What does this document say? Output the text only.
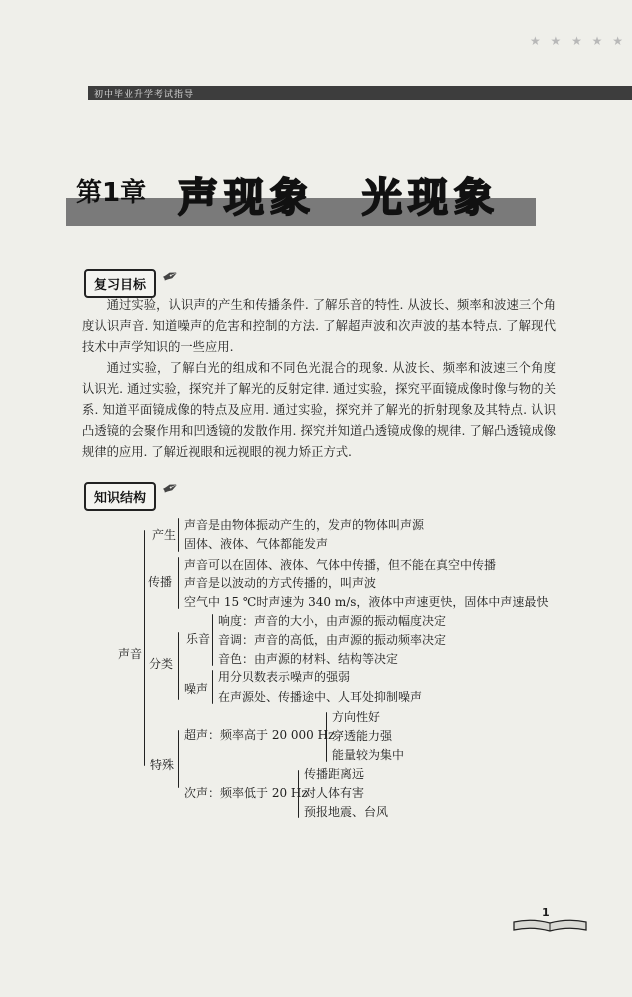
★ ★ ★ ★ ★
初中毕业升学考试指导
第1章 声现象　光现象
复习目标 ✒
通过实验，认识声的产生和传播条件. 了解乐音的特性. 从波长、频率和波速三个角度认识声音. 知道噪声的危害和控制的方法. 了解超声波和次声波的基本特点. 了解现代技术中声学知识的一些应用.
通过实验，了解白光的组成和不同色光混合的现象. 从波长、频率和波速三个角度认识光. 通过实验，探究并了解光的反射定律. 通过实验，探究平面镜成像时像与物的关系. 知道平面镜成像的特点及应用. 通过实验，探究并了解光的折射现象及其特点. 认识凸透镜的会聚作用和凹透镜的发散作用. 探究并知道凸透镜成像的规律. 了解凸透镜成像规律的应用. 了解近视眼和远视眼的视力矫正方式.
知识结构 ✒
声音
产生
声音是由物体振动产生的，发声的物体叫声源
固体、液体、气体都能发声
传播
声音可以在固体、液体、气体中传播，但不能在真空中传播
声音是以波动的方式传播的，叫声波
空气中 15 ℃时声速为 340 m/s，液体中声速更快，固体中声速最快
分类
乐音
响度：声音的大小，由声源的振动幅度决定
音调：声音的高低，由声源的振动频率决定
音色：由声源的材料、结构等决定
噪声
用分贝数表示噪声的强弱
在声源处、传播途中、人耳处抑制噪声
特殊
超声：频率高于 20 000 Hz
方向性好
穿透能力强
能量较为集中
次声：频率低于 20 Hz
传播距离远
对人体有害
预报地震、台风
1
